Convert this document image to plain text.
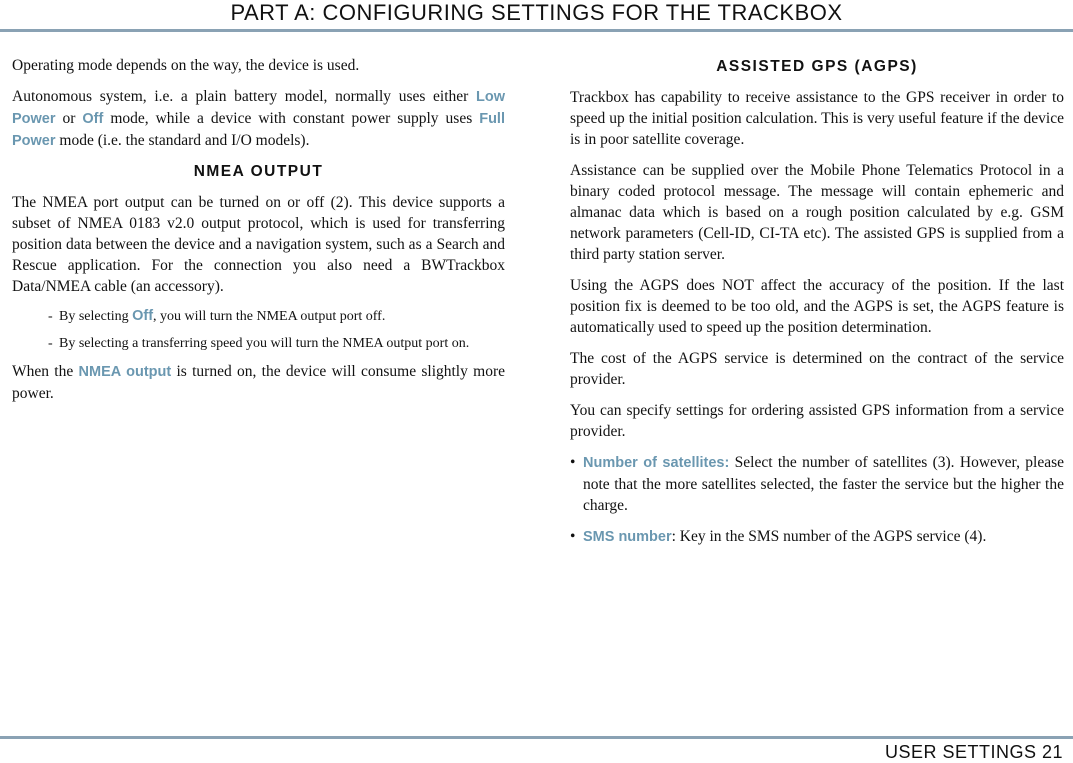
PART A: CONFIGURING SETTINGS FOR THE TRACKBOX

Operating mode depends on the way, the device is used.

Autonomous system, i.e. a plain battery model, normally uses either Low Power or Off mode, while a device with constant power supply uses Full Power mode (i.e. the standard and I/O models).

NMEA OUTPUT

The NMEA port output can be turned on or off (2). This device supports a subset of NMEA 0183 v2.0 output protocol, which is used for transferring position data between the device and a navigation system, such as a Search and Rescue application. For the connection you also need a BWTrackbox Data/NMEA cable (an accessory).

- By selecting Off, you will turn the NMEA output port off.
- By selecting a transferring speed you will turn the NMEA output port on.

When the NMEA output is turned on, the device will consume slightly more power.

ASSISTED GPS (AGPS)

Trackbox has capability to receive assistance to the GPS receiver in order to speed up the initial position calculation. This is very useful feature if the device is in poor satellite coverage.

Assistance can be supplied over the Mobile Phone Telematics Protocol in a binary coded protocol message. The message will contain ephemeric and almanac data which is based on a rough position calculated by e.g. GSM network parameters (Cell-ID, CI-TA etc). The assisted GPS is supplied from a third party station server.

Using the AGPS does NOT affect the accuracy of the position. If the last position fix is deemed to be too old, and the AGPS is set, the AGPS feature is automatically used to speed up the position determination.

The cost of the AGPS service is determined on the contract of the service provider.

You can specify settings for ordering assisted GPS information from a service provider.

• Number of satellites: Select the number of satellites (3). However, please note that the more satellites selected, the faster the service but the higher the charge.
• SMS number: Key in the SMS number of the AGPS service (4).
USER SETTINGS 21
